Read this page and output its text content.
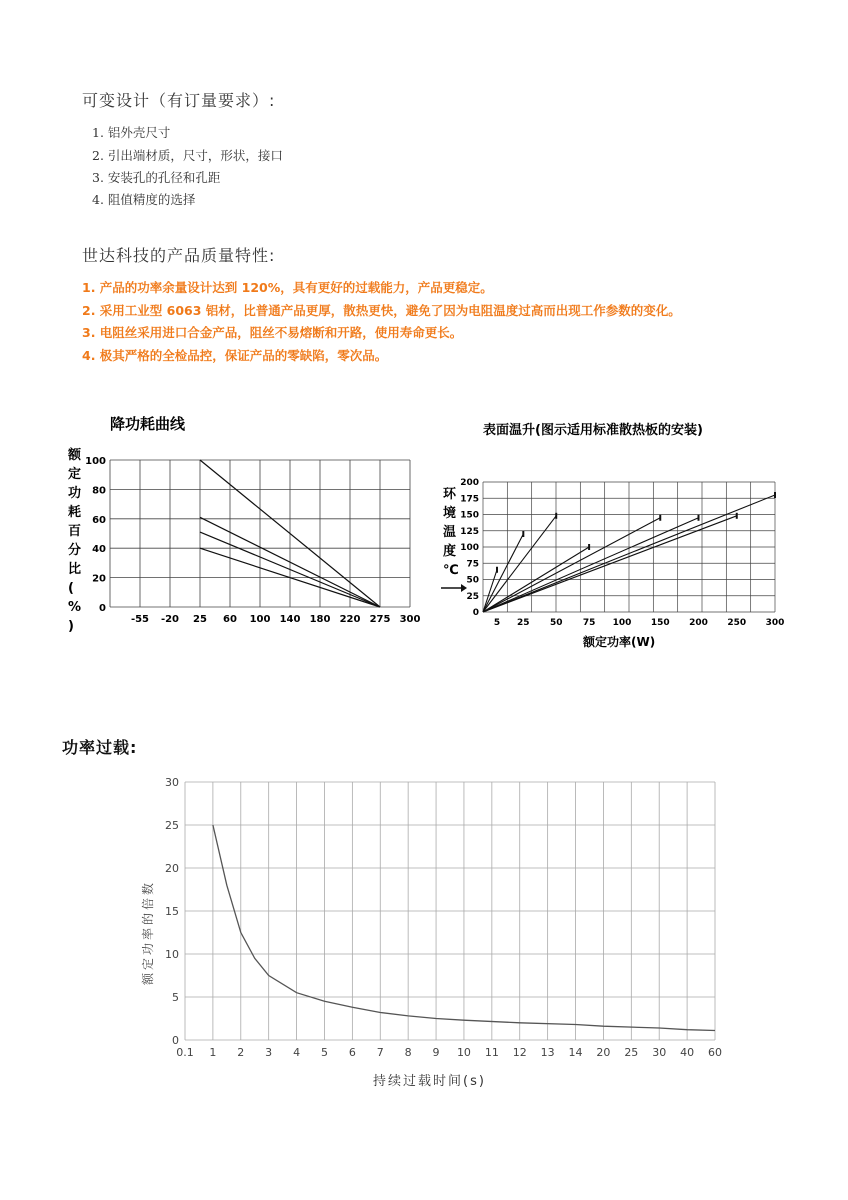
可变设计（有订量要求）:
1. 铝外壳尺寸
2. 引出端材质，尺寸，形状，接口
3. 安装孔的孔径和孔距
4. 阻值精度的选择
世达科技的产品质量特性:
1. 产品的功率余量设计达到 120%，具有更好的过载能力，产品更稳定。
2. 采用工业型 6063 铝材，比普通产品更厚，散热更快，避免了因为电阻温度过高而出现工作参数的变化。
3. 电阻丝采用进口合金产品，阻丝不易熔断和开路，使用寿命更长。
4. 极其严格的全检品控，保证产品的零缺陷，零次品。
降功耗曲线
额
定
功
耗
百
分
比
(
%
)
100
80
60
40
20
0
-55 -20 25 60 100 140 180 220 275 300
表面温升(图示适用标准散热板的安装)
环
境
温
度
℃
200
175
150
125
100
75
50
25
0
5 25 50 75 100 150 200 250 300
额定功率(W)
功率过载:
0.1 1 2 3 4 5 6 7 8 9 10 11 12 13 14 20 25 30 40 60
30
25
20
15
10
5
0
额定功率的倍数
持续过载时间(s)
